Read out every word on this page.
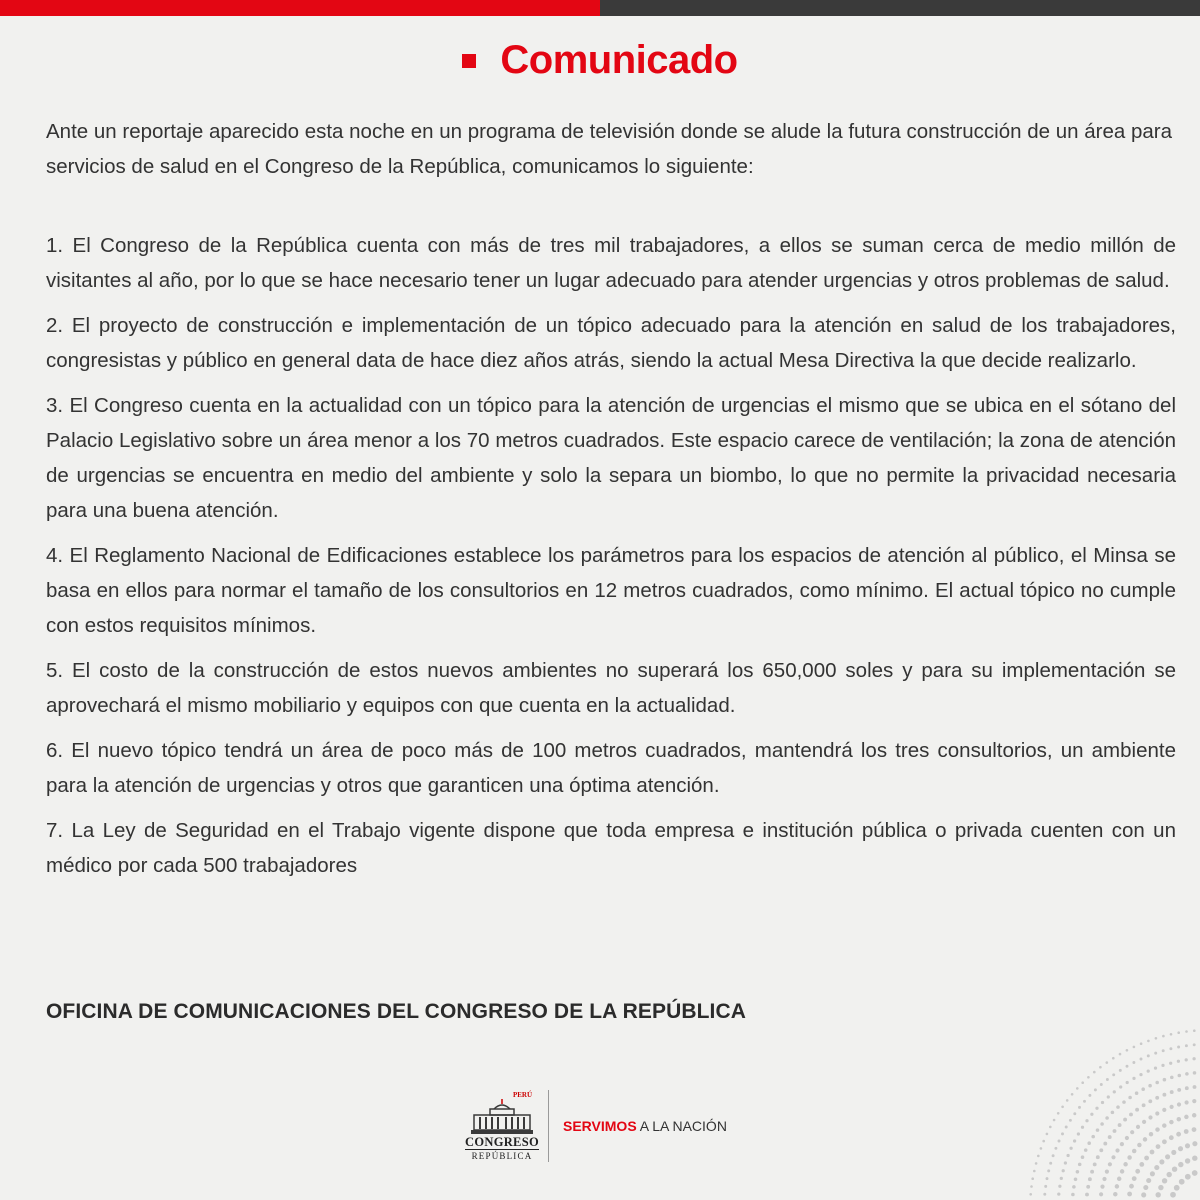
Comunicado

Ante un reportaje aparecido esta noche en un programa de televisión donde se alude la futura construcción de un área para servicios de salud en el Congreso de la República, comunicamos lo siguiente:

1. El Congreso de la República cuenta con más de tres mil trabajadores, a ellos se suman cerca de medio millón de visitantes al año, por lo que se hace necesario tener un lugar adecuado para atender urgencias y otros problemas de salud.

2. El proyecto de construcción e implementación de un tópico adecuado para la atención en salud de los trabajadores, congresistas y público en general data de hace diez años atrás, siendo la actual Mesa Directiva la que decide realizarlo.

3. El Congreso cuenta en la actualidad con un tópico para la atención de urgencias el mismo que se ubica en el sótano del Palacio Legislativo sobre un área menor a los 70 metros cuadrados. Este espacio carece de ventilación; la zona de atención de urgencias se encuentra en medio del ambiente y solo la separa un biombo, lo que no permite la privacidad necesaria para una buena atención.

4. El Reglamento Nacional de Edificaciones establece los parámetros para los espacios de atención al público, el Minsa se basa en ellos para normar el tamaño de los consultorios en 12 metros cuadrados, como mínimo. El actual tópico no cumple con estos requisitos mínimos.

5. El costo de la construcción de estos nuevos ambientes no superará los 650,000 soles y para su implementación se aprovechará el mismo mobiliario y equipos con que cuenta en la actualidad.

6. El nuevo tópico tendrá un área de poco más de 100 metros cuadrados, mantendrá los tres consultorios, un ambiente para la atención de urgencias y otros que garanticen una óptima atención.

7. La Ley de Seguridad en el Trabajo vigente dispone que toda empresa e institución pública o privada cuenten con un médico por cada 500 trabajadores

OFICINA DE COMUNICACIONES DEL CONGRESO DE LA REPÚBLICA
PERÚ
CONGRESO
REPÚBLICA
SERVIMOS A LA NACIÓN
